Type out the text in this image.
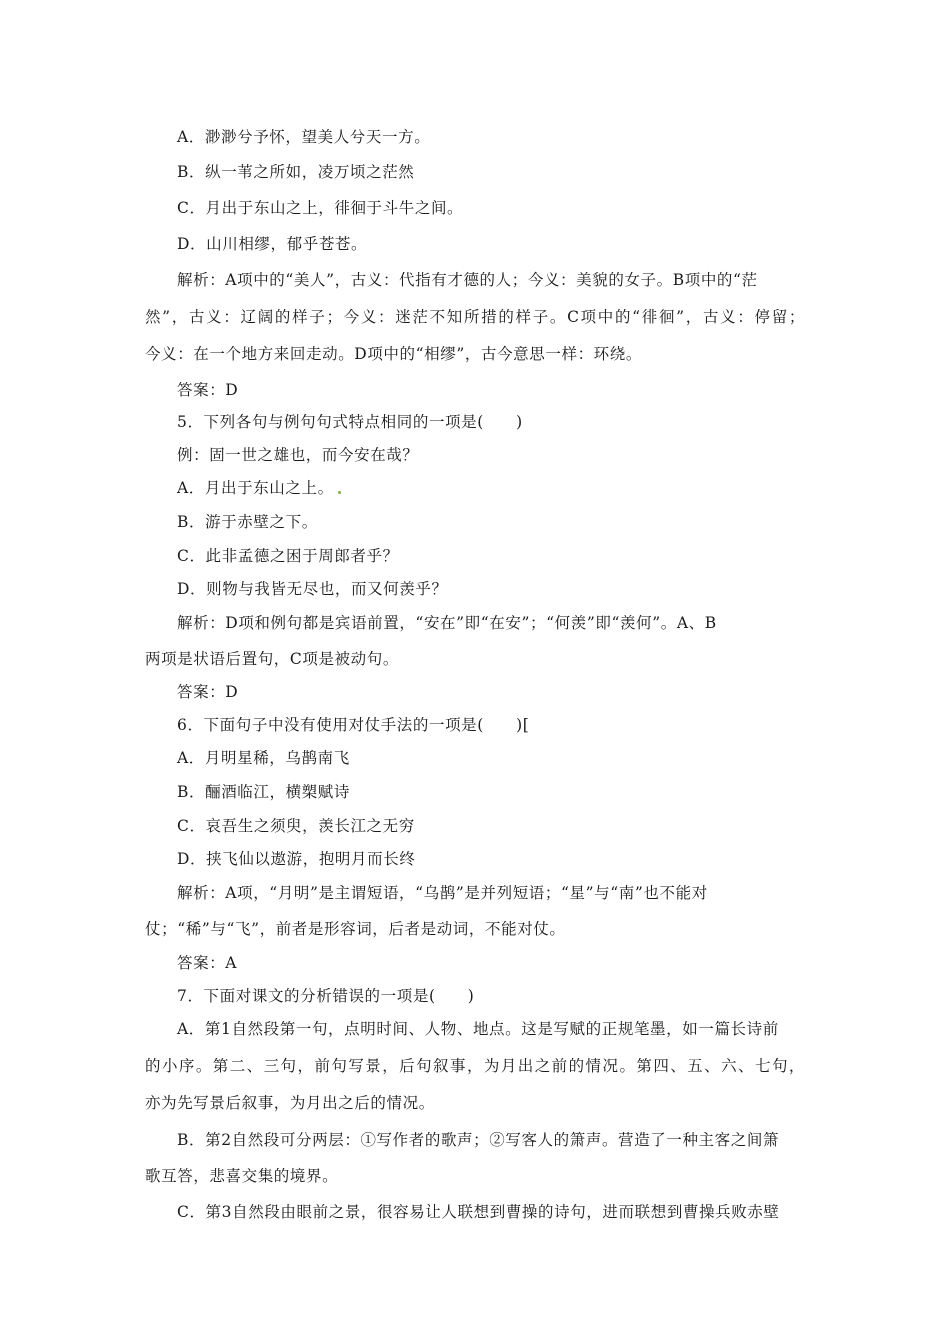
A．渺渺兮予怀，望美人兮天一方。
B．纵一苇之所如，凌万顷之茫然
C．月出于东山之上，徘徊于斗牛之间。
D．山川相缪，郁乎苍苍。
解析：A项中的“美人”，古义：代指有才德的人；今义：美貌的女子。B项中的“茫
然”，古义：辽阔的样子；今义：迷茫不知所措的样子。C项中的“徘徊”，古义：停留；
今义：在一个地方来回走动。D项中的“相缪”，古今意思一样：环绕。
答案：D
5．下列各句与例句句式特点相同的一项是(　　)
例：固一世之雄也，而今安在哉？
A．月出于东山之上。
B．游于赤壁之下。
C．此非孟德之困于周郎者乎？
D．则物与我皆无尽也，而又何羡乎？
解析：D项和例句都是宾语前置，“安在”即“在安”；“何羡”即“羡何”。A、B
两项是状语后置句，C项是被动句。
答案：D
6．下面句子中没有使用对仗手法的一项是(　　)[
A．月明星稀，乌鹊南飞
B．酾酒临江，横槊赋诗
C．哀吾生之须臾，羡长江之无穷
D．挟飞仙以遨游，抱明月而长终
解析：A项，“月明”是主谓短语，“乌鹊”是并列短语；“星”与“南”也不能对
仗；“稀”与“飞”，前者是形容词，后者是动词，不能对仗。
答案：A
7．下面对课文的分析错误的一项是(　　)
A．第1自然段第一句，点明时间、人物、地点。这是写赋的正规笔墨，如一篇长诗前
的小序。第二、三句，前句写景，后句叙事，为月出之前的情况。第四、五、六、七句，
亦为先写景后叙事，为月出之后的情况。
B．第2自然段可分两层：①写作者的歌声；②写客人的箫声。营造了一种主客之间箫
歌互答，悲喜交集的境界。
C．第3自然段由眼前之景，很容易让人联想到曹操的诗句，进而联想到曹操兵败赤壁
